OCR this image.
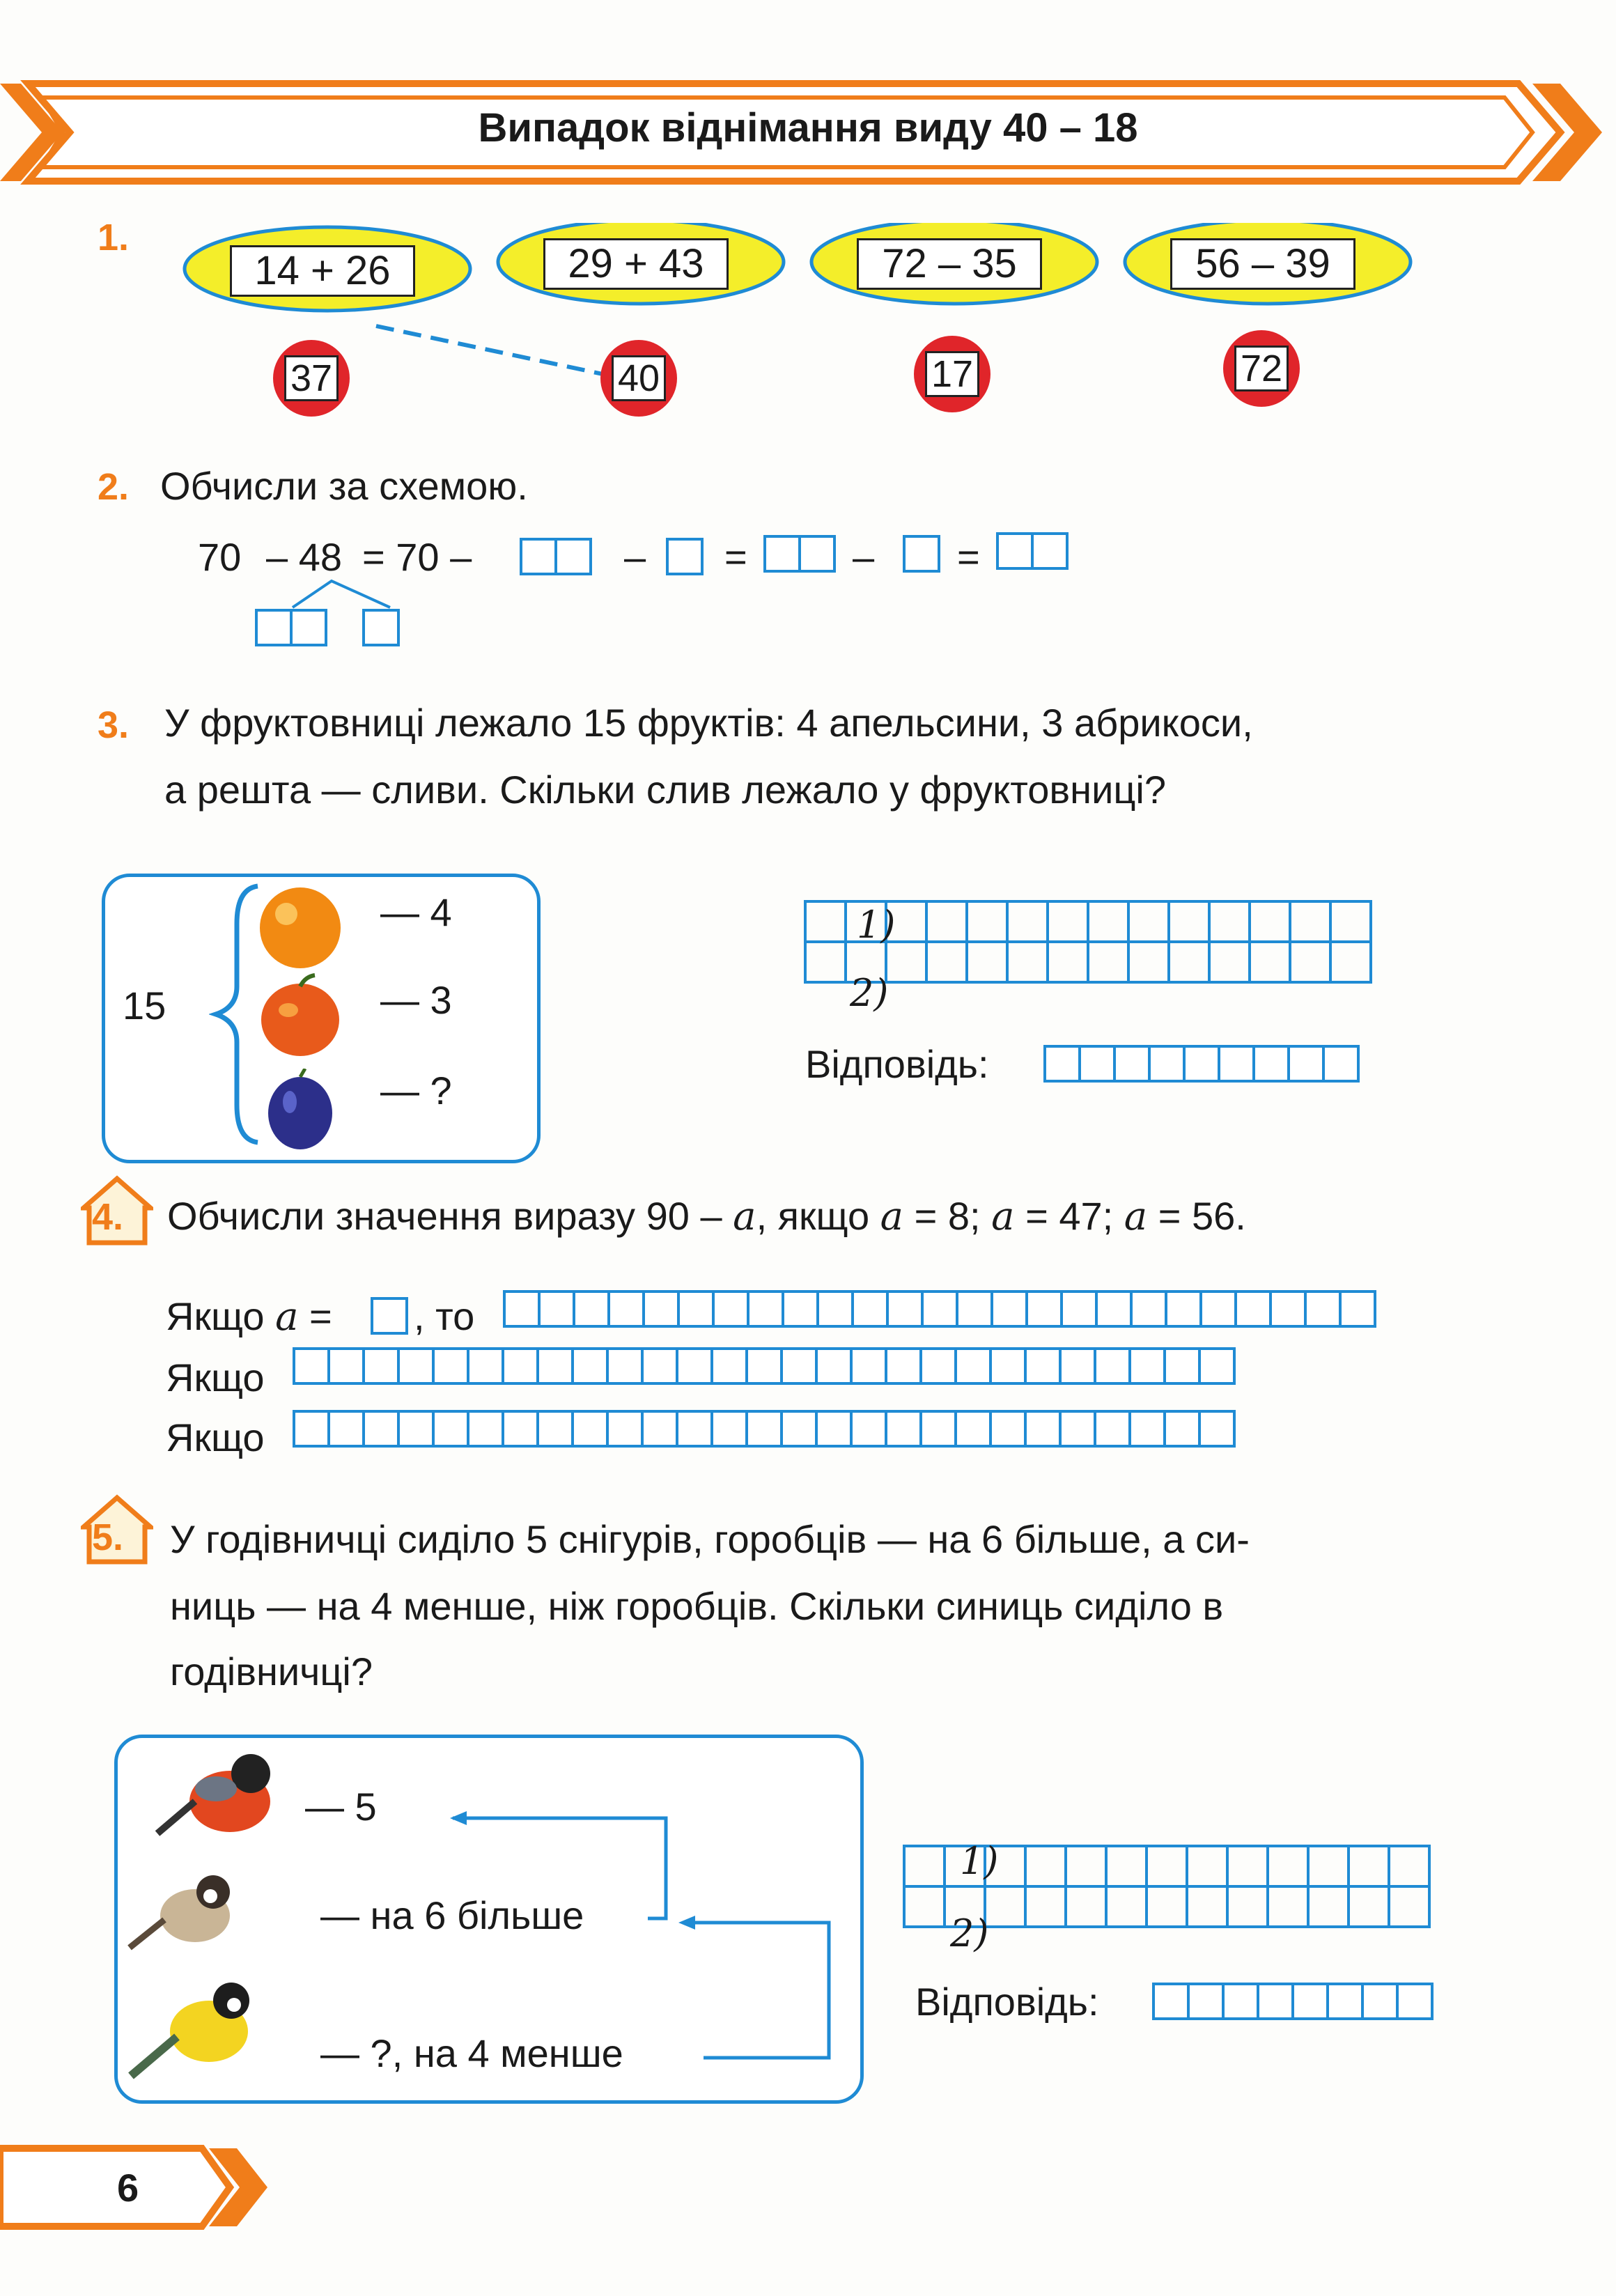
Випадок віднімання виду 40 – 18
1.
14 + 26	29 + 43	72 – 35	56 – 39
37	40	17	72
2. Обчисли за схемою.
70 – 48 = 70 –	– =	– =
3. У фруктовниці лежало 15 фруктів: 4 апельсини, 3 абрикоси,
а решта — сливи. Скільки слив лежало у фруктовниці?
15
— 4
— 3
— ?
1)
2)
Відповідь:
4. Обчисли значення виразу 90 – a, якщо a = 8; a = 47; a = 56.
Якщо a = , то
Якщо
Якщо
5. У годівничці сиділо 5 снігурів, горобців — на 6 більше, а си-
ниць — на 4 менше, ніж горобців. Скільки синиць сиділо в
годівничці?
— 5
— на 6 більше
— ?, на 4 менше
1)
2)
Відповідь:
6
